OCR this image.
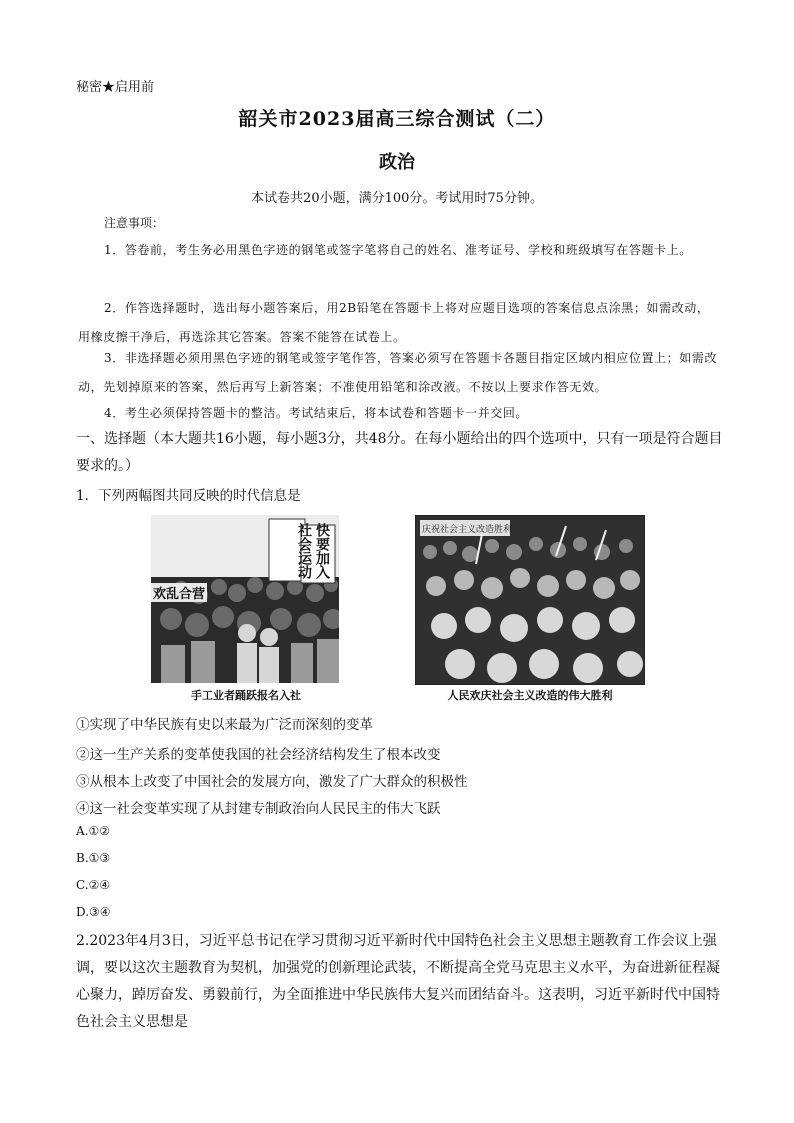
秘密★启用前
韶关市2023届高三综合测试（二）
政治
本试卷共20小题，满分100分。考试用时75分钟。
注意事项：
1．答卷前，考生务必用黑色字迹的钢笔或签字笔将自己的姓名、准考证号、学校和班级填写在答题卡上。
2．作答选择题时，选出每小题答案后，用2B铅笔在答题卡上将对应题目选项的答案信息点涂黑；如需改动，用橡皮擦干净后，再选涂其它答案。答案不能答在试卷上。
3．非选择题必须用黑色字迹的钢笔或签字笔作答，答案必须写在答题卡各题目指定区域内相应位置上；如需改动，先划掉原来的答案，然后再写上新答案；不准使用铅笔和涂改液。不按以上要求作答无效。
4．考生必须保持答题卡的整洁。考试结束后，将本试卷和答题卡一并交回。
一、选择题（本大题共16小题，每小题3分，共48分。在每小题给出的四个选项中，只有一项是符合题目要求的。）
1．下列两幅图共同反映的时代信息是
欢乱合营
快要加入社会运动
手工业者踊跃报名入社
庆祝社会主义改造胜利
人民欢庆社会主义改造的伟大胜利
①实现了中华民族有史以来最为广泛而深刻的变革
②这一生产关系的变革使我国的社会经济结构发生了根本改变
③从根本上改变了中国社会的发展方向，激发了广大群众的积极性
④这一社会变革实现了从封建专制政治向人民民主的伟大飞跃
A.①②
B.①③
C.②④
D.③④
2.2023年4月3日，习近平总书记在学习贯彻习近平新时代中国特色社会主义思想主题教育工作会议上强调，要以这次主题教育为契机，加强党的创新理论武装，不断提高全党马克思主义水平，为奋进新征程凝心聚力，踔厉奋发、勇毅前行，为全面推进中华民族伟大复兴而团结奋斗。这表明，习近平新时代中国特色社会主义思想是
